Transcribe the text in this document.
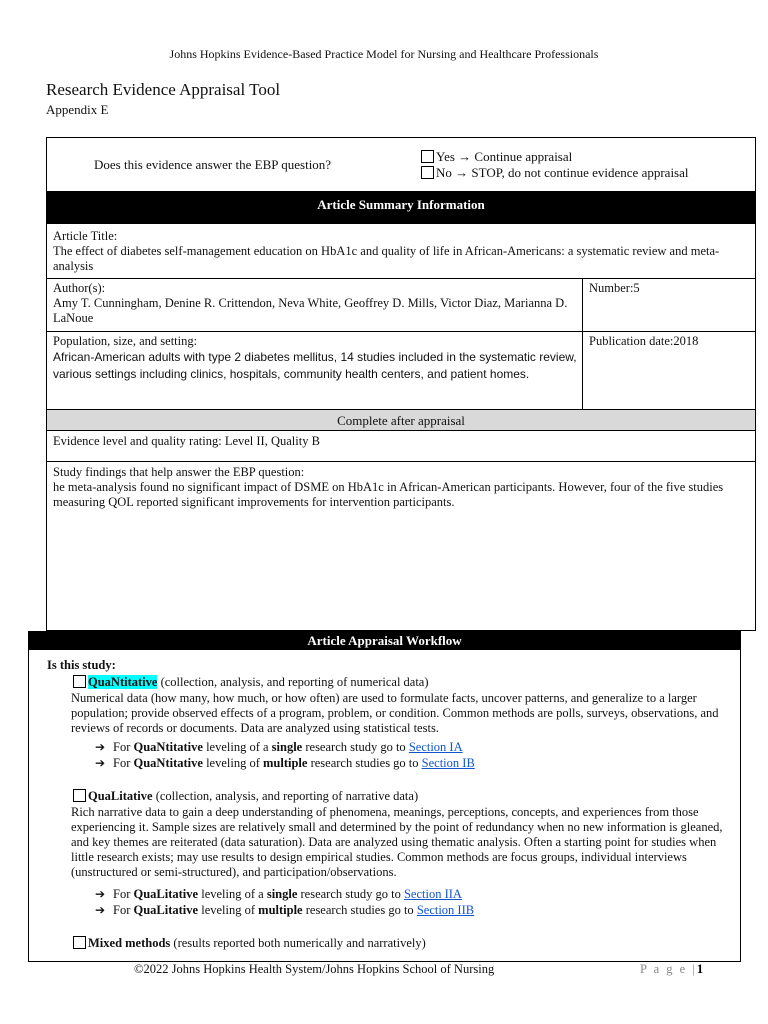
Johns Hopkins Evidence-Based Practice Model for Nursing and Healthcare Professionals
Research Evidence Appraisal Tool
Appendix E
Does this evidence answer the EBP question?
Yes → Continue appraisal
No → STOP, do not continue evidence appraisal
Article Summary Information
Article Title:
The effect of diabetes self-management education on HbA1c and quality of life in African-Americans: a systematic review and meta-analysis
Author(s):
Amy T. Cunningham, Denine R. Crittendon, Neva White, Geoffrey D. Mills, Victor Diaz, Marianna D. LaNoue
Number:5
Population, size, and setting:
African-American adults with type 2 diabetes mellitus, 14 studies included in the systematic review, various settings including clinics, hospitals, community health centers, and patient homes.
Publication date:2018
Complete after appraisal
Evidence level and quality rating: Level II, Quality B
Study findings that help answer the EBP question:
he meta-analysis found no significant impact of DSME on HbA1c in African-American participants. However, four of the five studies measuring QOL reported significant improvements for intervention participants.
Article Appraisal Workflow
Is this study:
QuaNtitative (collection, analysis, and reporting of numerical data)
Numerical data (how many, how much, or how often) are used to formulate facts, uncover patterns, and generalize to a larger population; provide observed effects of a program, problem, or condition. Common methods are polls, surveys, observations, and reviews of records or documents. Data are analyzed using statistical tests.
➔ For QuaNtitative leveling of a single research study go to Section IA
➔ For QuaNtitative leveling of multiple research studies go to Section IB
QuaLitative (collection, analysis, and reporting of narrative data)
Rich narrative data to gain a deep understanding of phenomena, meanings, perceptions, concepts, and experiences from those experiencing it. Sample sizes are relatively small and determined by the point of redundancy when no new information is gleaned, and key themes are reiterated (data saturation). Data are analyzed using thematic analysis. Often a starting point for studies when little research exists; may use results to design empirical studies. Common methods are focus groups, individual interviews (unstructured or semi-structured), and participation/observations.
➔ For QuaLitative leveling of a single research study go to Section IIA
➔ For QuaLitative leveling of multiple research studies go to Section IIB
Mixed methods (results reported both numerically and narratively)
©2022 Johns Hopkins Health System/Johns Hopkins School of Nursing	P a g e |1
